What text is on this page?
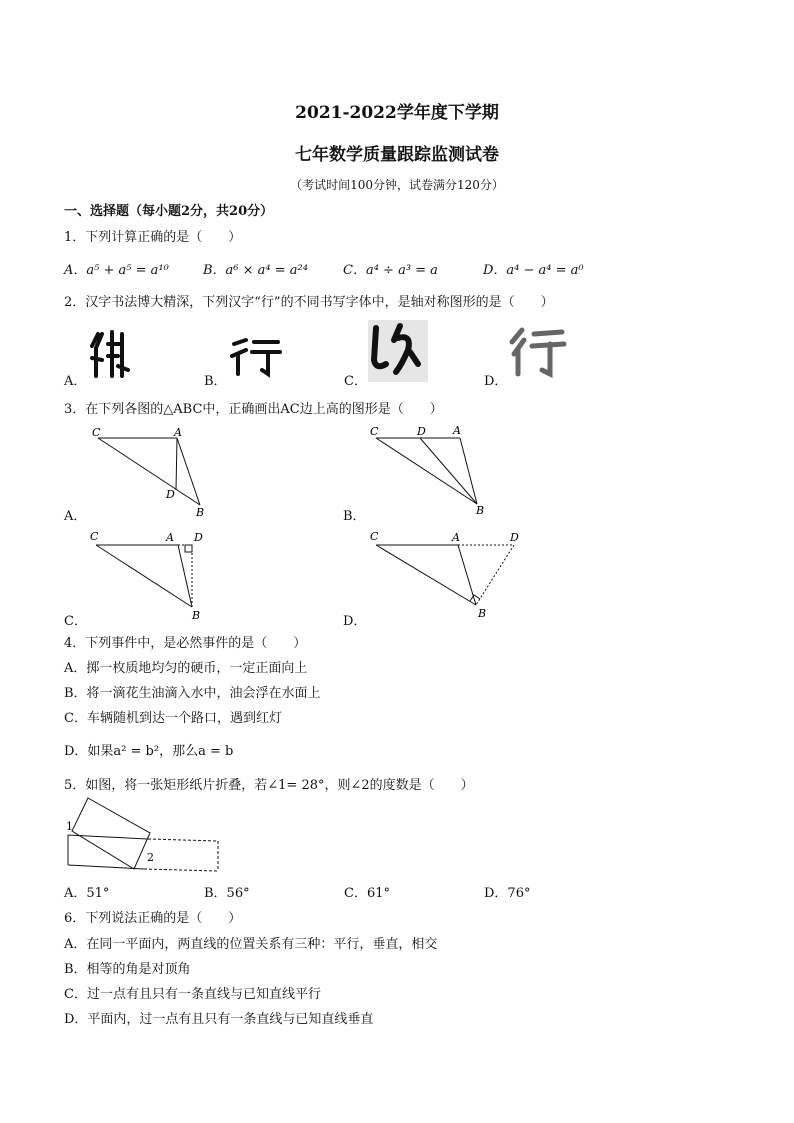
2021-2022学年度下学期
七年数学质量跟踪监测试卷
（考试时间100分钟，试卷满分120分）
一、选择题（每小题2分，共20分）
1．下列计算正确的是（　　）
A．a⁵ + a⁵ = a¹⁰	B．a⁶ × a⁴ = a²⁴	C．a⁴ ÷ a³ = a	D．a⁴ − a⁴ = a⁰
2．汉字书法博大精深，下列汉字“行”的不同书写字体中，是轴对称图形的是（　　）
A．	B．	C．	D．
3．在下列各图的△ABC中，正确画出AC边上高的图形是（　　）
A．
C	A
D
B	B．
C	D A
B
C．
C	A D
B	D．
C	A	D
B
4．下列事件中，是必然事件的是（　　）
A．掷一枚质地均匀的硬币，一定正面向上
B．将一滴花生油滴入水中，油会浮在水面上
C．车辆随机到达一个路口，遇到红灯
D．如果a² = b²，那么a = b
5．如图，将一张矩形纸片折叠，若∠1= 28°，则∠2的度数是（　　）
1
2
A．51°	B．56°	C．61°	D．76°
6．下列说法正确的是（　　）
A．在同一平面内，两直线的位置关系有三种：平行，垂直，相交
B．相等的角是对顶角
C．过一点有且只有一条直线与已知直线平行
D．平面内，过一点有且只有一条直线与已知直线垂直
